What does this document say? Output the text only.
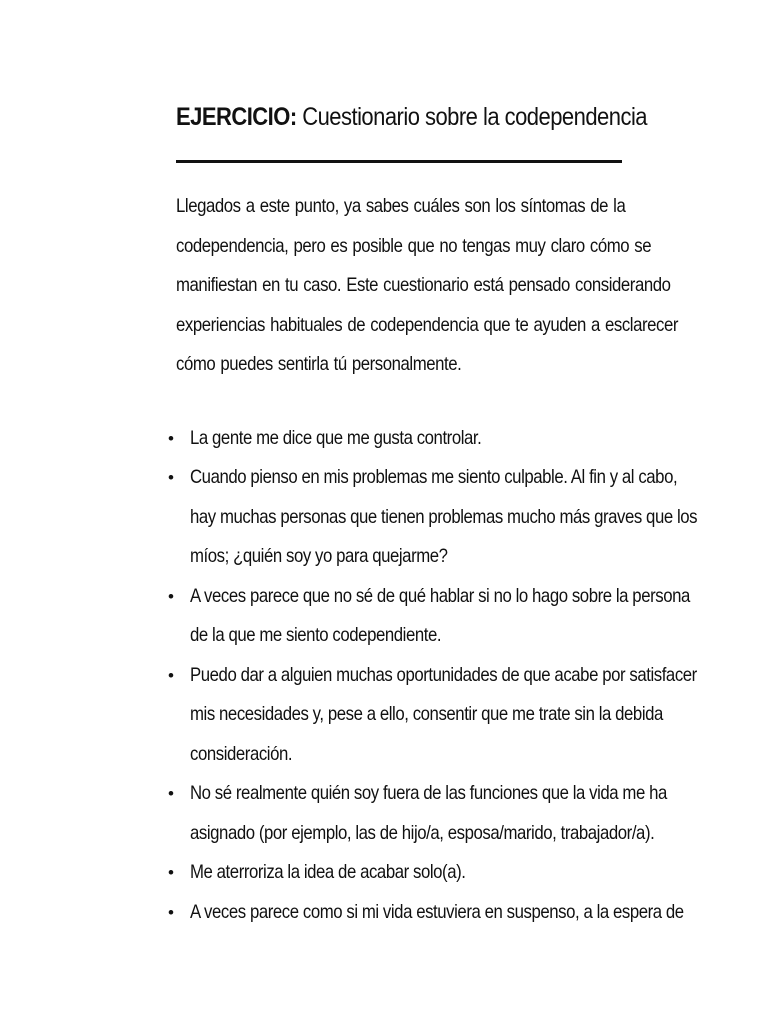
EJERCICIO: Cuestionario sobre la codependencia

Llegados a este punto, ya sabes cuáles son los síntomas de la
codependencia, pero es posible que no tengas muy claro cómo se
manifiestan en tu caso. Este cuestionario está pensado considerando
experiencias habituales de codependencia que te ayuden a esclarecer
cómo puedes sentirla tú personalmente.

• La gente me dice que me gusta controlar.
• Cuando pienso en mis problemas me siento culpable. Al fin y al cabo,
hay muchas personas que tienen problemas mucho más graves que los
míos; ¿quién soy yo para quejarme?
• A veces parece que no sé de qué hablar si no lo hago sobre la persona
de la que me siento codependiente.
• Puedo dar a alguien muchas oportunidades de que acabe por satisfacer
mis necesidades y, pese a ello, consentir que me trate sin la debida
consideración.
• No sé realmente quién soy fuera de las funciones que la vida me ha
asignado (por ejemplo, las de hijo/a, esposa/marido, trabajador/a).
• Me aterroriza la idea de acabar solo(a).
• A veces parece como si mi vida estuviera en suspenso, a la espera de
